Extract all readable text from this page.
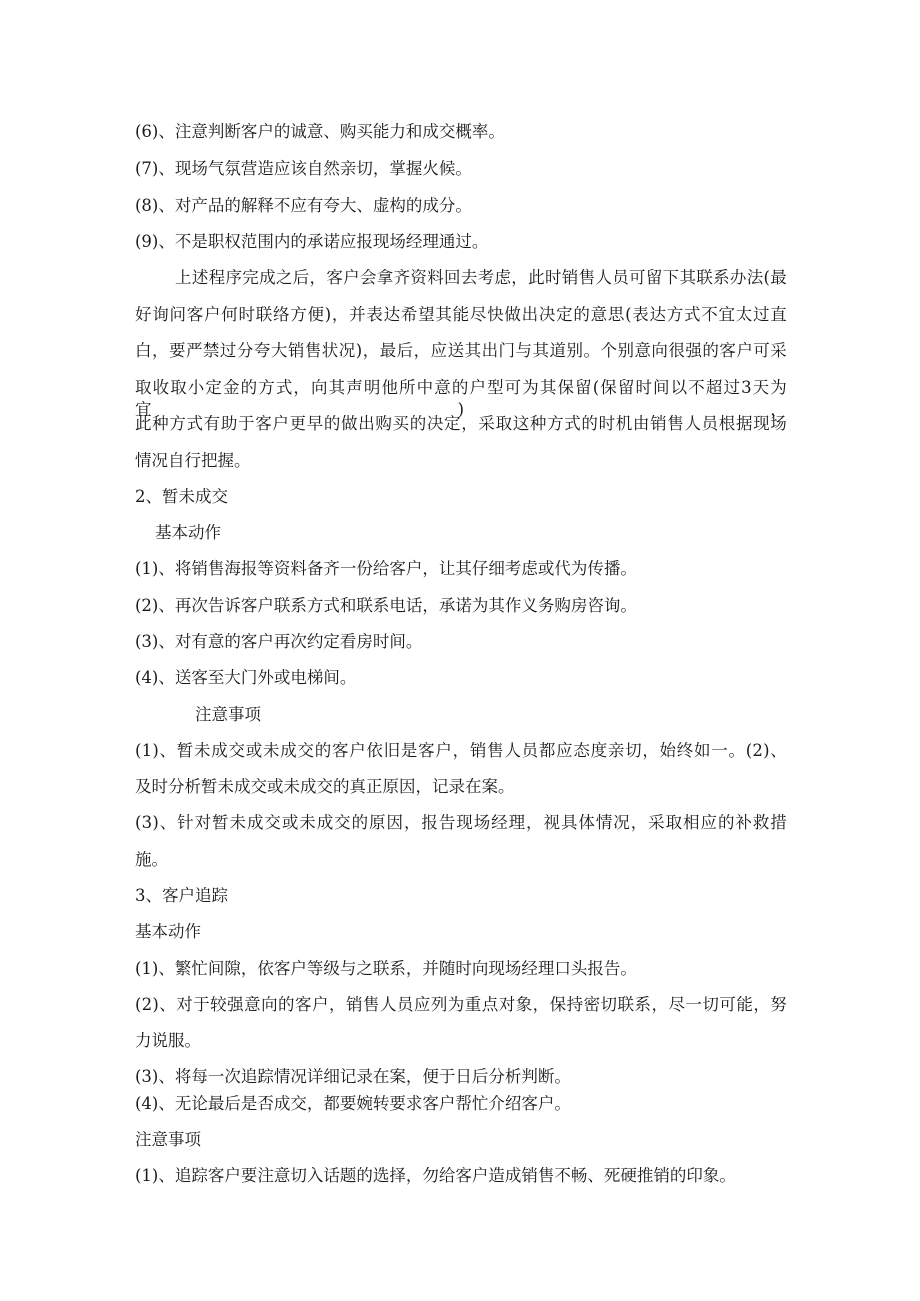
(6)、注意判断客户的诚意、购买能力和成交概率。
(7)、现场气氛营造应该自然亲切，掌握火候。
(8)、对产品的解释不应有夸大、虚构的成分。
(9)、不是职权范围内的承诺应报现场经理通过。
上述程序完成之后，客户会拿齐资料回去考虑，此时销售人员可留下其联系办法(最
好询问客户何时联络方便)，并表达希望其能尽快做出决定的意思(表达方式不宜太过直
白，要严禁过分夸大销售状况)，最后，应送其出门与其道别。个别意向很强的客户可采
取收取小定金的方式，向其声明他所中意的户型可为其保留(保留时间以不超过3天为宜)，
此种方式有助于客户更早的做出购买的决定，采取这种方式的时机由销售人员根据现场
情况自行把握。
2、暂未成交
基本动作
(1)、将销售海报等资料备齐一份给客户，让其仔细考虑或代为传播。
(2)、再次告诉客户联系方式和联系电话，承诺为其作义务购房咨询。
(3)、对有意的客户再次约定看房时间。
(4)、送客至大门外或电梯间。
注意事项
(1)、暂未成交或未成交的客户依旧是客户，销售人员都应态度亲切，始终如一。(2)、
及时分析暂未成交或未成交的真正原因，记录在案。
(3)、针对暂未成交或未成交的原因，报告现场经理，视具体情况，采取相应的补救措
施。
3、客户追踪
基本动作
(1)、繁忙间隙，依客户等级与之联系，并随时向现场经理口头报告。
(2)、对于较强意向的客户，销售人员应列为重点对象，保持密切联系，尽一切可能，努
力说服。
(3)、将每一次追踪情况详细记录在案，便于日后分析判断。
(4)、无论最后是否成交，都要婉转要求客户帮忙介绍客户。
注意事项
(1)、追踪客户要注意切入话题的选择，勿给客户造成销售不畅、死硬推销的印象。
